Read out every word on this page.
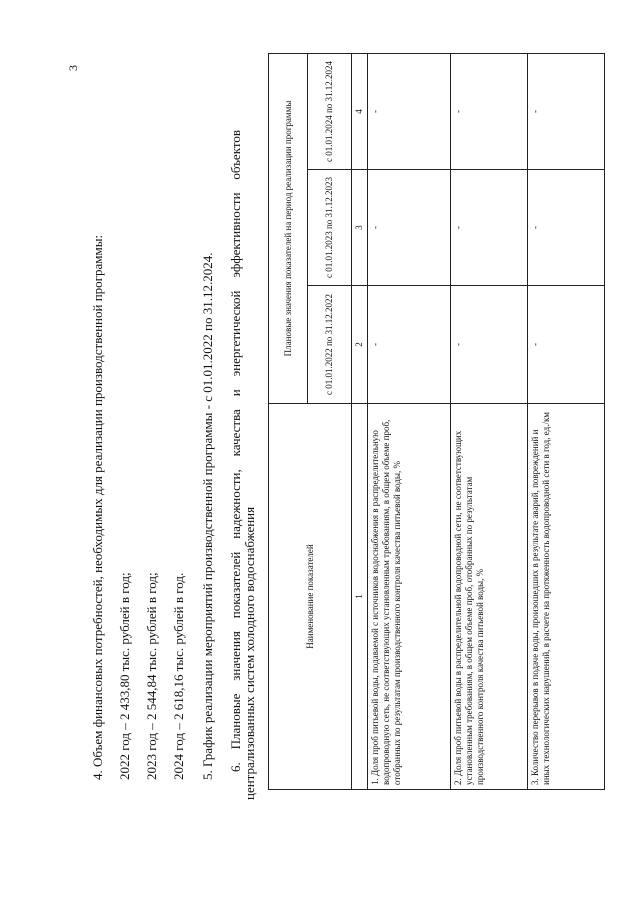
3
4. Объем финансовых потребностей, необходимых для реализации производственной программы: 2022 год – 2 433,80 тыс. рублей в год; 2023 год – 2 544,84 тыс. рублей в год; 2024 год – 2 618,16 тыс. рублей в год. 5. График реализации мероприятий производственной программы - с 01.01.2022 по 31.12.2024. 6. Плановые значения показателей надежности, качества и энергетической эффективности объектов централизованных систем холодного водоснабжения	Наименование показателей	Плановые значения показателей на период реализации программы		
	с 01.01.2022 по 31.12.2022	с 01.01.2023 по 31.12.2023	с 01.01.2024 по 31.12.2024
1	2	3	4
1. Доля проб питьевой воды, подаваемой с источников водоснабжения в распределительную водопроводную сеть, не соответствующих установленным требованиям, в общем объеме проб, отобранных по результатам производственного контроля качества питьевой воды, %	-	-	-
2. Доля проб питьевой воды в распределительной водопроводной сети, не соответствующих установленным требованиям, в общем объеме проб, отобранных по результатам производственного контроля качества питьевой воды, %	-	-	-
3. Количество перерывов в подаче воды, произошедших в результате аварий, повреждений и иных технологических нарушений, в расчете на протяженность водопроводной сети в год, ед./км	-	-	-
